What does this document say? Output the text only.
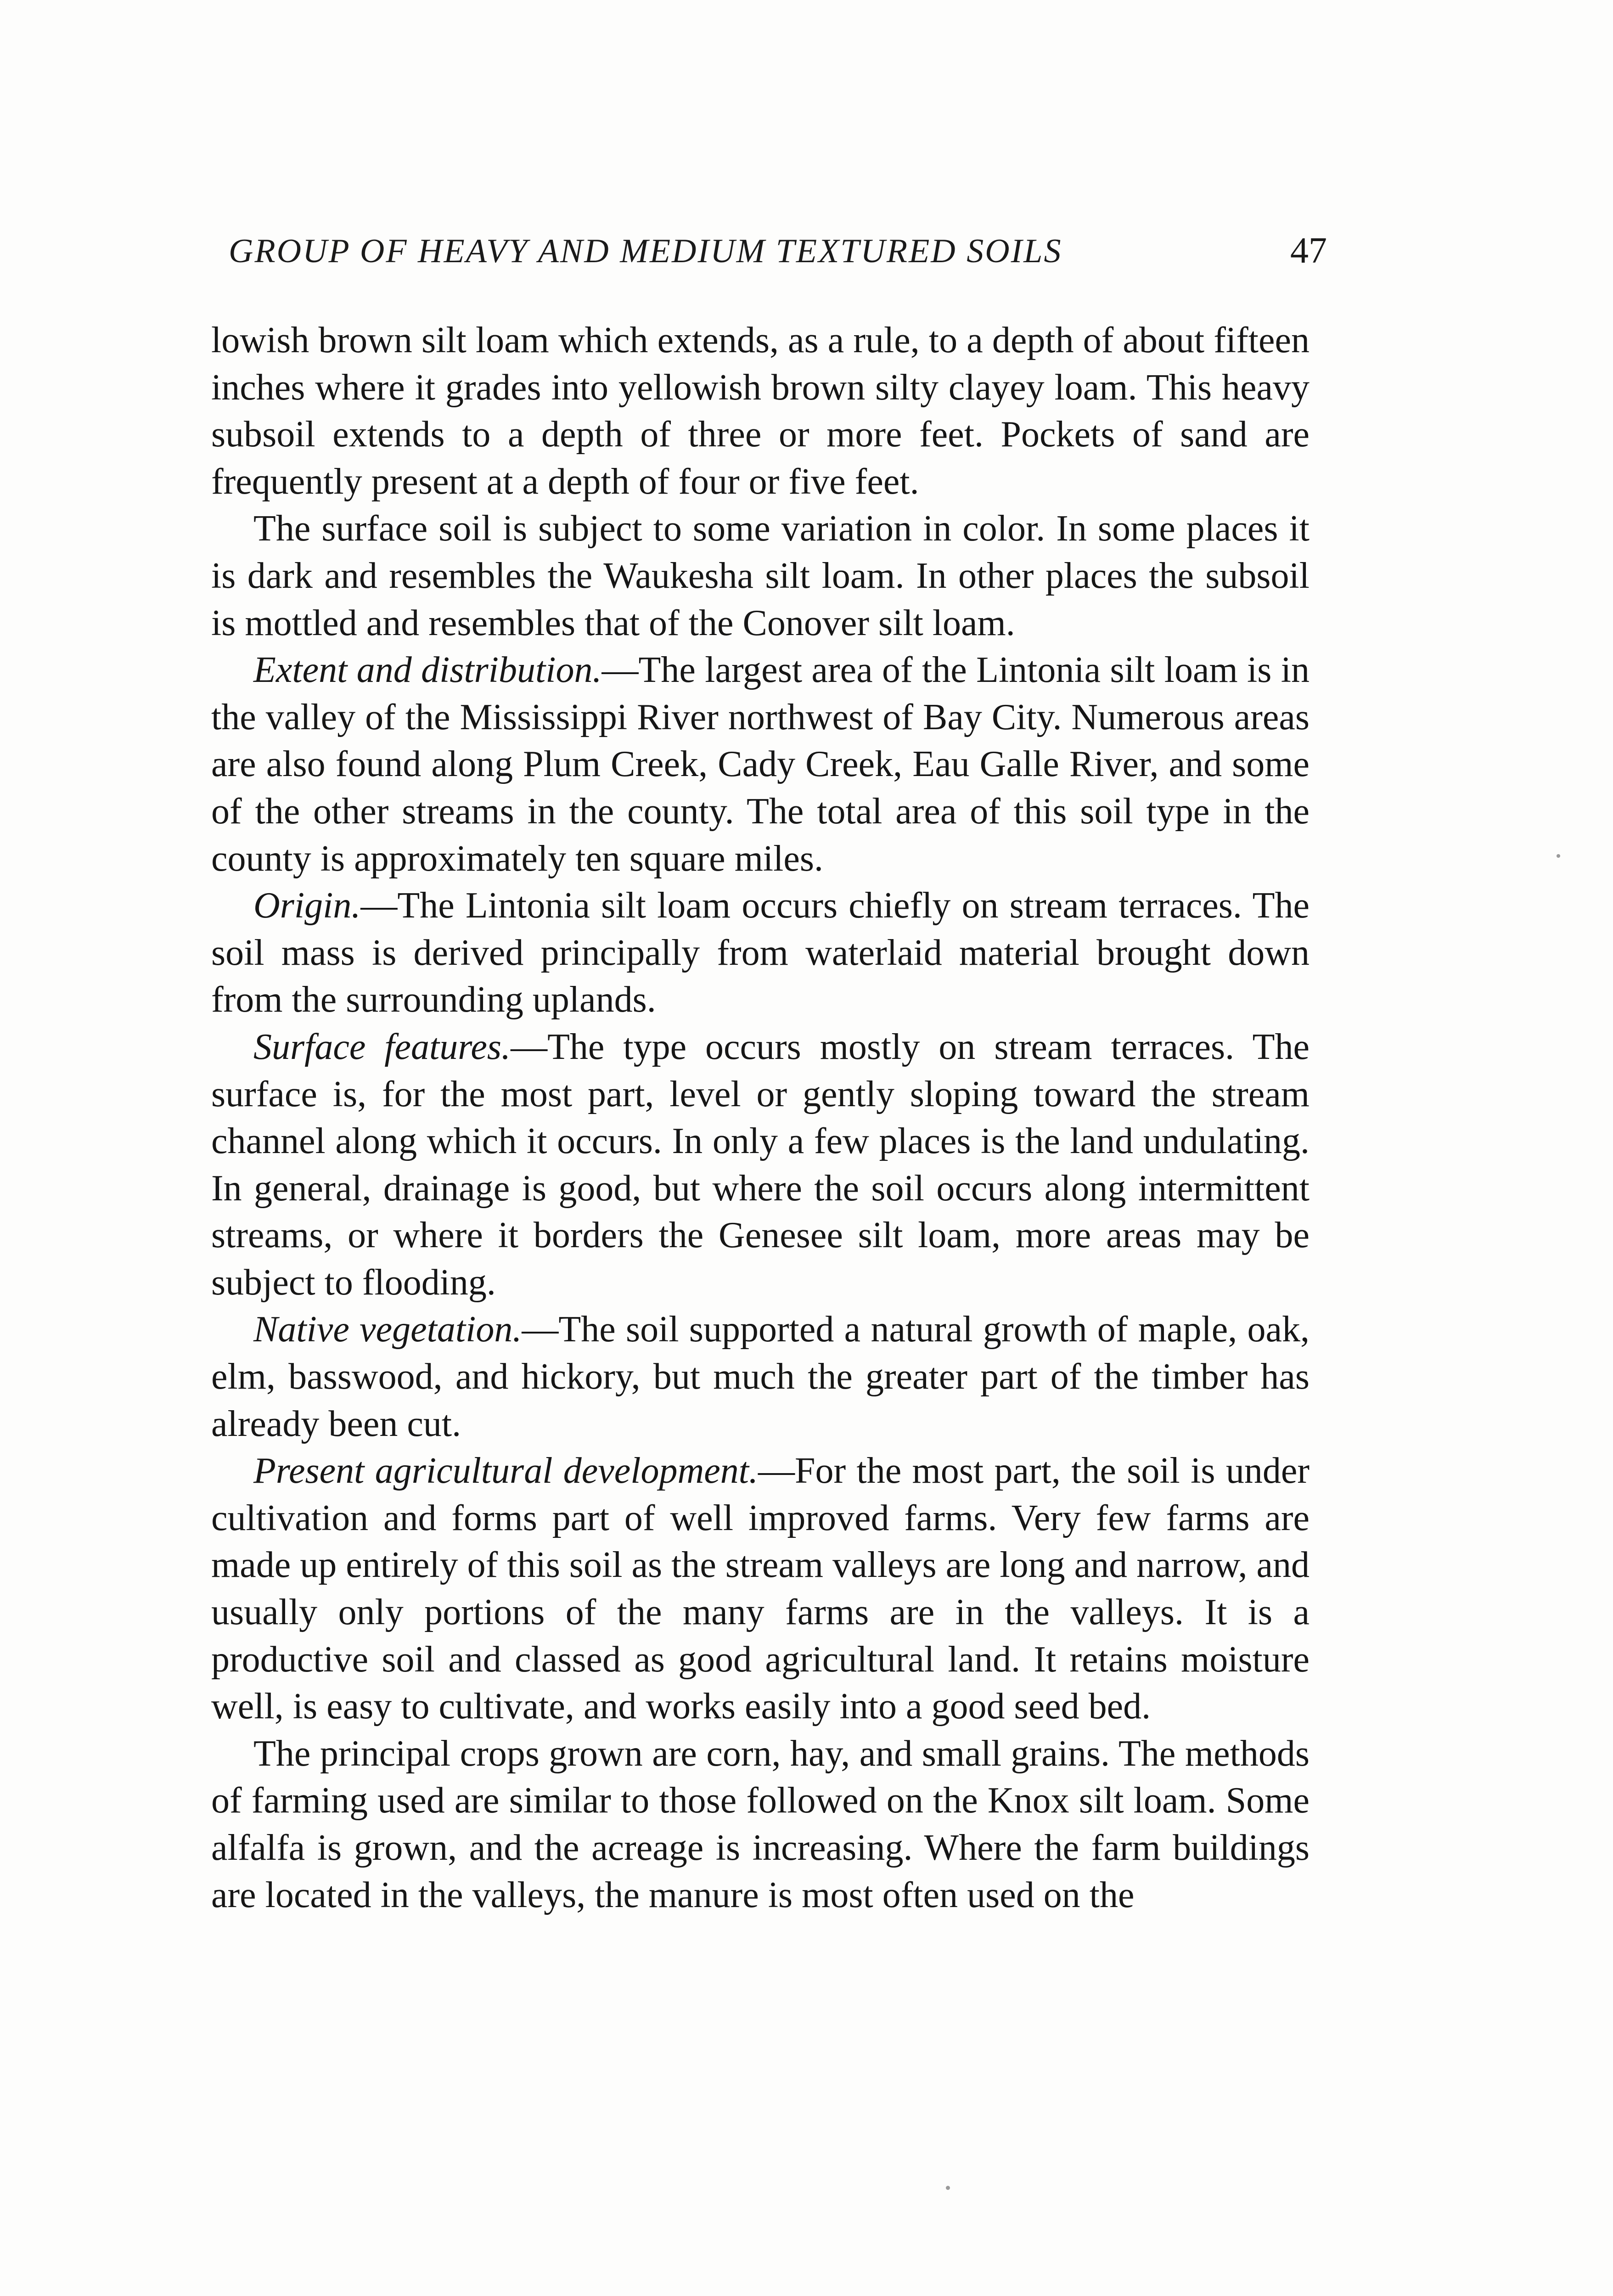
GROUP OF HEAVY AND MEDIUM TEXTURED SOILS	47

lowish brown silt loam which extends, as a rule, to a depth of about fifteen inches where it grades into yellowish brown silty clayey loam. This heavy subsoil extends to a depth of three or more feet. Pockets of sand are frequently present at a depth of four or five feet.

The surface soil is subject to some variation in color. In some places it is dark and resembles the Waukesha silt loam. In other places the subsoil is mottled and resembles that of the Conover silt loam.

Extent and distribution.—The largest area of the Lintonia silt loam is in the valley of the Mississippi River northwest of Bay City. Numerous areas are also found along Plum Creek, Cady Creek, Eau Galle River, and some of the other streams in the county. The total area of this soil type in the county is approximately ten square miles.

Origin.—The Lintonia silt loam occurs chiefly on stream terraces. The soil mass is derived principally from waterlaid material brought down from the surrounding uplands.

Surface features.—The type occurs mostly on stream terraces. The surface is, for the most part, level or gently sloping toward the stream channel along which it occurs. In only a few places is the land undulating. In general, drainage is good, but where the soil occurs along intermittent streams, or where it borders the Genesee silt loam, more areas may be subject to flooding.

Native vegetation.—The soil supported a natural growth of maple, oak, elm, basswood, and hickory, but much the greater part of the timber has already been cut.

Present agricultural development.—For the most part, the soil is under cultivation and forms part of well improved farms. Very few farms are made up entirely of this soil as the stream valleys are long and narrow, and usually only portions of the many farms are in the valleys. It is a productive soil and classed as good agricultural land. It retains moisture well, is easy to cultivate, and works easily into a good seed bed.

The principal crops grown are corn, hay, and small grains. The methods of farming used are similar to those followed on the Knox silt loam. Some alfalfa is grown, and the acreage is increasing. Where the farm buildings are located in the valleys, the manure is most often used on the
